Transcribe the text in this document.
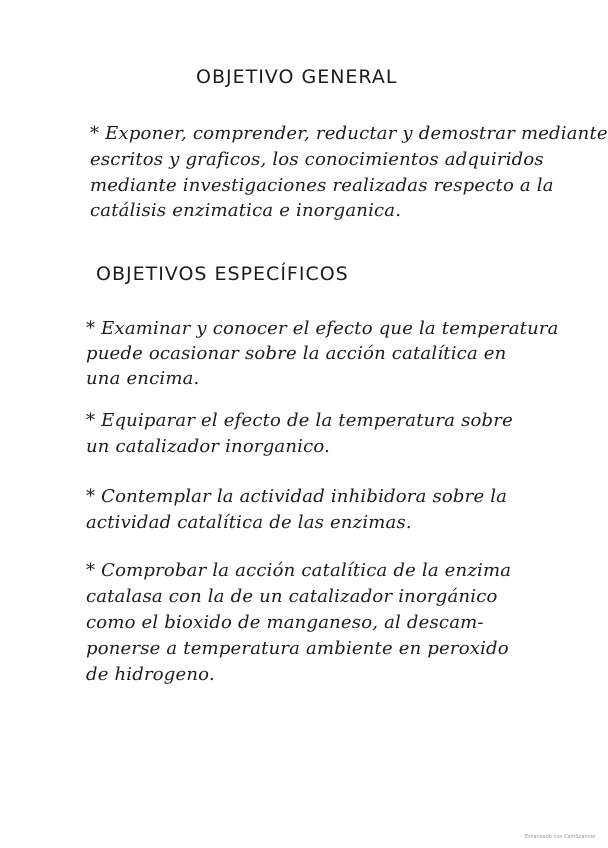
OBJETIVO GENERAL
* Exponer, comprender, reductar y demostrar mediante
escritos y graficos, los conocimientos adquiridos
mediante investigaciones realizadas respecto a la
catálisis enzimatica e inorganica.
OBJETIVOS ESPECÍFICOS
* Examinar y conocer el efecto que la temperatura
puede ocasionar sobre la acción catalítica en
una encima.
* Equiparar el efecto de la temperatura sobre
un catalizador inorganico.
* Contemplar la actividad inhibidora sobre la
actividad catalítica de las enzimas.
* Comprobar la acción catalítica de la enzima
catalasa con la de un catalizador inorgánico
como el bioxido de manganeso, al descam-
ponerse a temperatura ambiente en peroxido
de hidrogeno.
Escaneado con CamScanner
